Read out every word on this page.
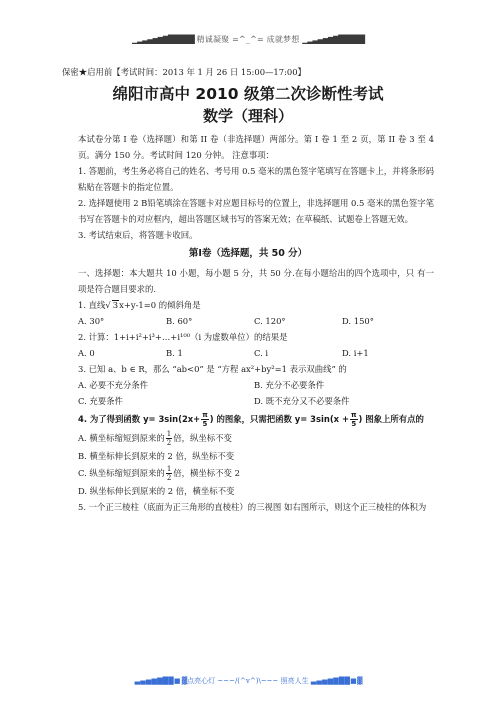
▁▂▃▄▅▆▇█████ 精诚凝聚 =^_^= 成就梦想 ▁▂▃▄▅▆▇█████
保密★启用前【考试时间：2013 年 1 月 26 日 15:00—17:00】
绵阳市高中 2010 级第二次诊断性考试
数学（理科）
本试卷分第 I 卷（选择题）和第 II 卷（非选择题）两部分。第 I 卷 1 至 2 页，第 II 卷 3 至 4 页。满分 150 分。考试时间 120 分钟。 注意事项：
1. 答题前，考生务必将自己的姓名、考号用 0.5 毫米的黑色签字笔填写在答题卡上，并将条形码粘贴在答题卡的指定位置。
2. 选择题使用 2 B铅笔填涂在答题卡对应题目标号的位置上，非选择题用 0.5 毫米的黑色签字笔书写在答题卡的对应框内，超出答题区域书写的答案无效；在草稿纸、试题卷上答题无效。
3. 考试结束后，将答题卡收回。
第Ⅰ卷（选择题，共 50 分）
一、选择题：本大题共 10 小题，每小题 5 分，共 50 分.在每小题给出的四个选项中，只 有一项是符合题目要求的.
1. 直线√ 3x+y-1=0 的倾斜角是
A. 30°	B. 60°	C. 120°	D. 150°
2. 计算：1+i+i²+i³+…+i¹⁰⁰（i 为虚数单位）的结果是
A. 0	B. 1	C. i	D. i+1
3. 已知 a、b ∈ R，那么 “ab<0” 是 “方程 ax²+by²=1 表示双曲线” 的
A. 必要不充分条件	B. 充分不必要条件
C. 充要条件	D. 既不充分又不必要条件
4. 为了得到函数 $y= 3\sin(2x+ \frac{\pi}{5}$ ) 的图象，只需把函数 $y= 3\sin(x + \frac{\pi}{5}$ ) 图象上所有点的
A. 横坐标缩短到原来的 $\frac{1}{2}$ 倍，纵坐标不变
B. 横坐标伸长到原来的 2 倍，纵坐标不变
C. 纵坐标缩短到原来的 $\frac{1}{2}$ 倍，横坐标不变 2
D. 纵坐标伸长到原来的 2 倍，横坐标不变
5. 一个正三棱柱（底面为正三角形的直棱柱）的三视图 如右图所示，则这个正三棱柱的体积为
▃ ▄ ▅ ▆ ▇ █ █ ■ ▓点亮心灯 ~~~/(^v^)\~~~ 照亮人生 ▃ ▄ ▅ ▆ ▇ █ █ ■ ▓
